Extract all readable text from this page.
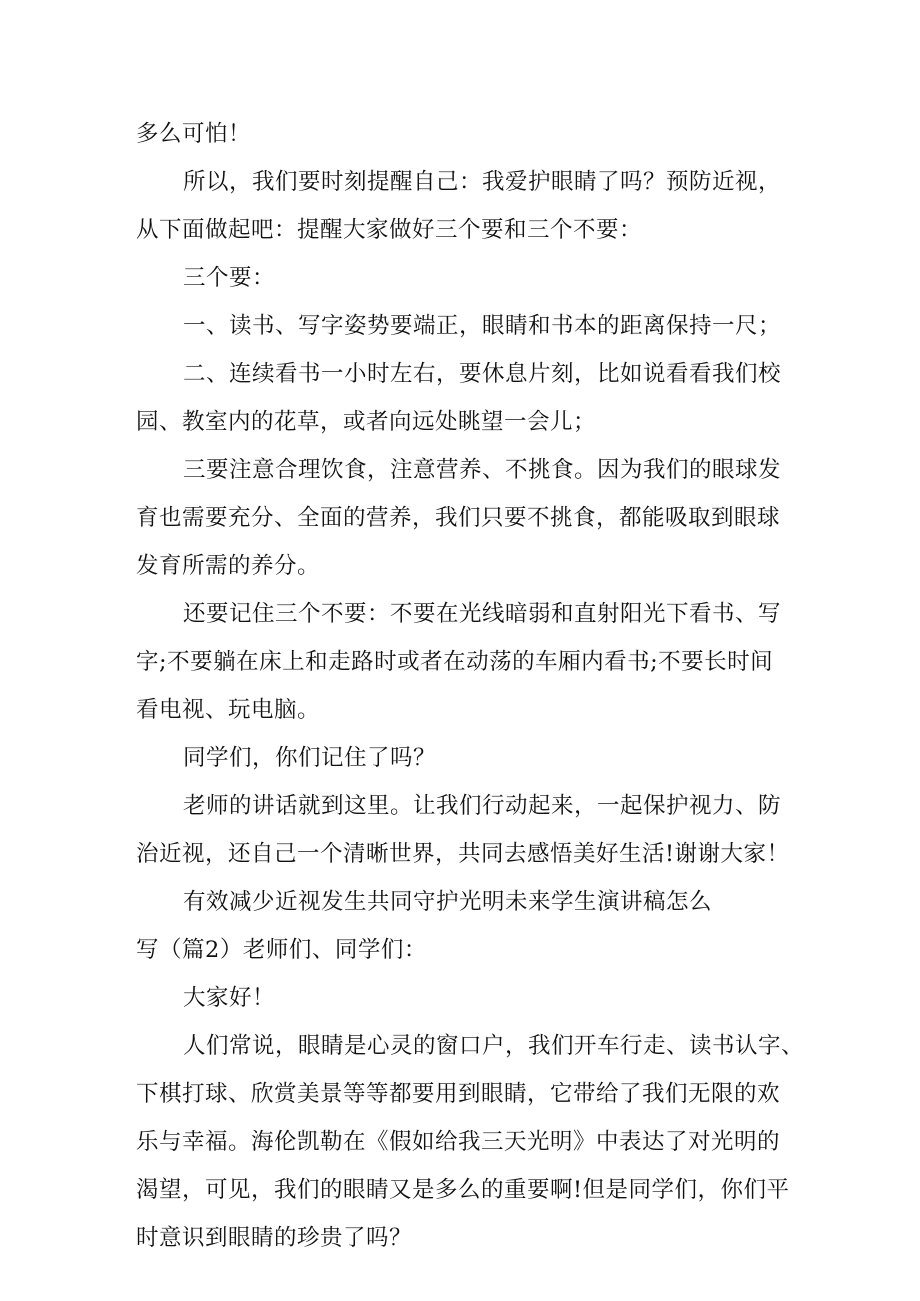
多么可怕！
所以，我们要时刻提醒自己：我爱护眼睛了吗？预防近视，
从下面做起吧：提醒大家做好三个要和三个不要：
三个要：
一、读书、写字姿势要端正，眼睛和书本的距离保持一尺；
二、连续看书一小时左右，要休息片刻，比如说看看我们校
园、教室内的花草，或者向远处眺望一会儿；
三要注意合理饮食，注意营养、不挑食。因为我们的眼球发
育也需要充分、全面的营养，我们只要不挑食，都能吸取到眼球
发育所需的养分。
还要记住三个不要：不要在光线暗弱和直射阳光下看书、写
字;不要躺在床上和走路时或者在动荡的车厢内看书;不要长时间
看电视、玩电脑。
同学们，你们记住了吗？
老师的讲话就到这里。让我们行动起来，一起保护视力、防
治近视，还自己一个清晰世界，共同去感悟美好生活!谢谢大家！
有效减少近视发生共同守护光明未来学生演讲稿怎么
写（篇2）老师们、同学们：
大家好！
人们常说，眼睛是心灵的窗口户，我们开车行走、读书认字、
下棋打球、欣赏美景等等都要用到眼睛，它带给了我们无限的欢
乐与幸福。海伦凯勒在《假如给我三天光明》中表达了对光明的
渴望，可见，我们的眼睛又是多么的重要啊!但是同学们，你们平
时意识到眼睛的珍贵了吗？
